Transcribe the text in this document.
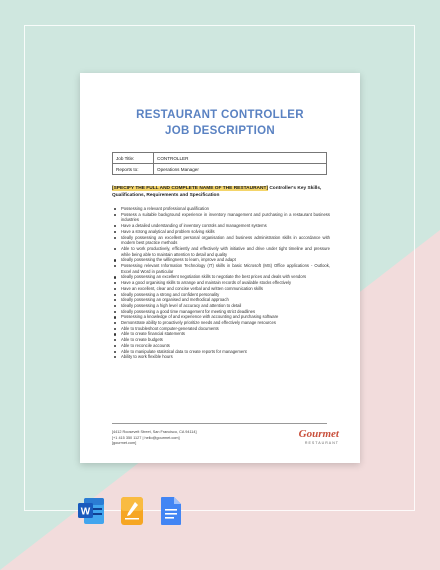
RESTAURANT CONTROLLER
JOB DESCRIPTION
Job Title:	CONTROLLER
Reports to:	Operations Manager
[SPECIFY THE FULL AND COMPLETE NAME OF THE RESTAURANT] Controller's Key Skills, Qualifications, Requirements and Specification
Possessing a relevant professional qualification
Possess a suitable background experience in inventory management and purchasing in a restaurant business industries
Have a detailed understanding of inventory controls and management systems
Have a strong analytical and problem solving skills
Ideally possessing an excellent personal organisation and business administration skills in accordance with modern best practice methods
Able to work productively, efficiently and effectively with initiative and drive under tight timeline and pressure while being able to maintain attention to detail and quality
Ideally possessing the willingness to learn, improve and adapt
Possessing relevant Information Technology (IT) skills in basic Microsoft (MS) Office applications - Outlook, Excel and Word in particular
Ideally possessing an excellent negotiation skills to negotiate the best prices and deals with vendors
Have a good organising skills to arrange and maintain records of available stocks effectively
Have an excellent, clear and concise verbal and written communication skills
Ideally possessing a strong and confident personality
Ideally possessing an organised and methodical approach
Ideally possessing a high level of accuracy and attention to detail
Ideally possessing a good time management for meeting strict deadlines
Possessing a knowledge of and experience with accounting and purchasing software
Demonstrate ability to proactively prioritize needs and effectively manage resources
Able to troubleshoot computer-generated documents
Able to create financial statements
Able to create budgets
Able to reconcile accounts
Able to manipulate statistical data to create reports for management
Ability to work flexible hours
[4412 Roosevelt Street, San Francisco, CA 94114]
[+1 415 350 1127 | hello@gourmet.com]
[gourmet.com]
Gourmet
RESTAURANT
W
